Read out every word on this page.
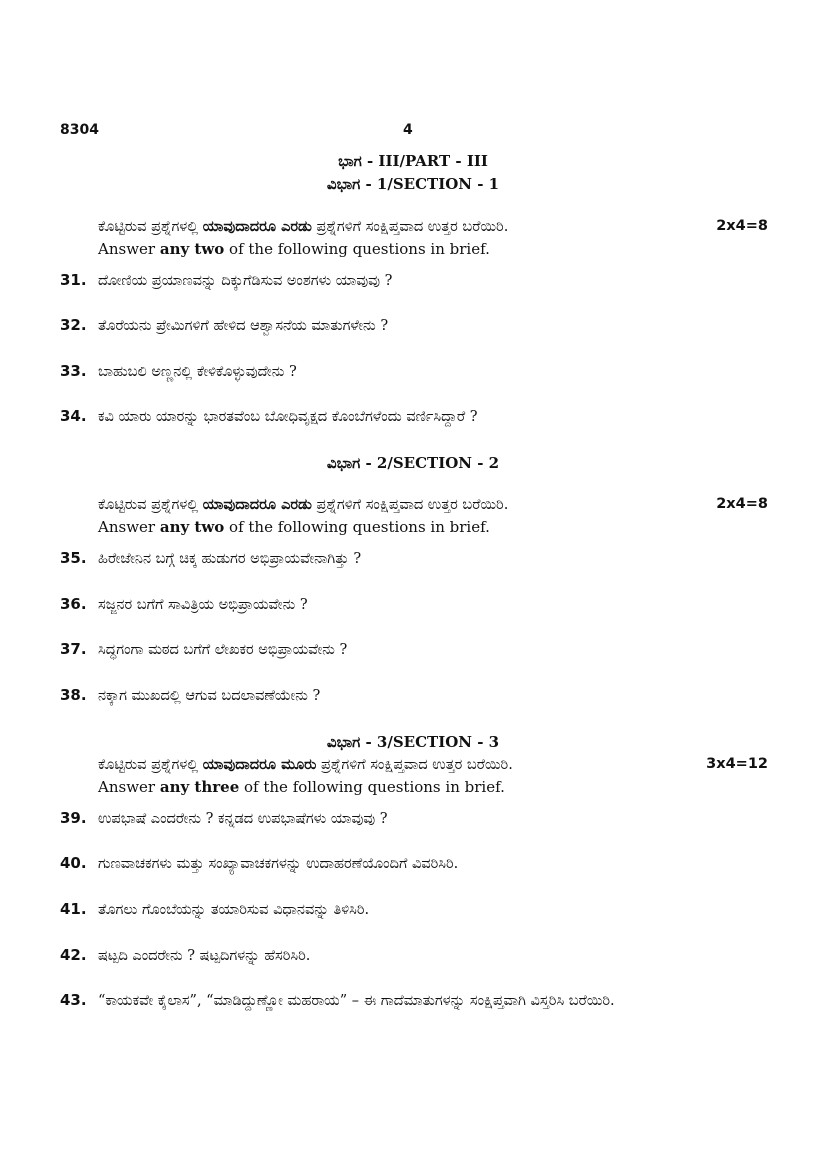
8304	4
ಭಾಗ - III/PART - III
ವಿಭಾಗ - 1/SECTION - 1
ಕೊಟ್ಟಿರುವ ಪ್ರಶ್ನೆಗಳಲ್ಲಿ ಯಾವುದಾದರೂ ಎರಡು ಪ್ರಶ್ನೆಗಳಿಗೆ ಸಂಕ್ಷಿಪ್ತವಾದ ಉತ್ತರ ಬರೆಯಿರಿ.	2x4=8
Answer any two of the following questions in brief.
31. ದೋಣಿಯ ಪ್ರಯಾಣವನ್ನು ದಿಕ್ಕುಗೆಡಿಸುವ ಅಂಶಗಳು ಯಾವುವು ?
32. ತೊರೆಯನು ಪ್ರೇಮಿಗಳಿಗೆ ಹೇಳಿದ ಆಶ್ವಾಸನೆಯ ಮಾತುಗಳೇನು ?
33. ಬಾಹುಬಲಿ ಅಣ್ಣನಲ್ಲಿ ಕೇಳಿಕೊಳ್ಳುವುದೇನು ?
34. ಕವಿ ಯಾರು ಯಾರನ್ನು ಭಾರತವೆಂಬ ಬೋಧಿವೃಕ್ಷದ ಕೊಂಬೆಗಳೆಂದು ವರ್ಣಿಸಿದ್ದಾರೆ ?
ವಿಭಾಗ - 2/SECTION - 2
ಕೊಟ್ಟಿರುವ ಪ್ರಶ್ನೆಗಳಲ್ಲಿ ಯಾವುದಾದರೂ ಎರಡು ಪ್ರಶ್ನೆಗಳಿಗೆ ಸಂಕ್ಷಿಪ್ತವಾದ ಉತ್ತರ ಬರೆಯಿರಿ.	2x4=8
Answer any two of the following questions in brief.
35. ಹಿರೇಜೇನಿನ ಬಗ್ಗೆ ಚಿಕ್ಕ ಹುಡುಗರ ಅಭಿಪ್ರಾಯವೇನಾಗಿತ್ತು ?
36. ಸಜ್ಜನರ ಬಗೆಗೆ ಸಾವಿತ್ರಿಯ ಅಭಿಪ್ರಾಯವೇನು ?
37. ಸಿದ್ಧಗಂಗಾ ಮಠದ ಬಗೆಗೆ ಲೇಖಕರ ಅಭಿಪ್ರಾಯವೇನು ?
38. ನಕ್ಕಾಗ ಮುಖದಲ್ಲಿ ಆಗುವ ಬದಲಾವಣೆಯೇನು ?
ವಿಭಾಗ - 3/SECTION - 3
ಕೊಟ್ಟಿರುವ ಪ್ರಶ್ನೆಗಳಲ್ಲಿ ಯಾವುದಾದರೂ ಮೂರು ಪ್ರಶ್ನೆಗಳಿಗೆ ಸಂಕ್ಷಿಪ್ತವಾದ ಉತ್ತರ ಬರೆಯಿರಿ.	3x4=12
Answer any three of the following questions in brief.
39. ಉಪಭಾಷೆ ಎಂದರೇನು ? ಕನ್ನಡದ ಉಪಭಾಷೆಗಳು ಯಾವುವು ?
40. ಗುಣವಾಚಕಗಳು ಮತ್ತು ಸಂಖ್ಯಾವಾಚಕಗಳನ್ನು ಉದಾಹರಣೆಯೊಂದಿಗೆ ವಿವರಿಸಿರಿ.
41. ತೊಗಲು ಗೊಂಬೆಯನ್ನು ತಯಾರಿಸುವ ವಿಧಾನವನ್ನು ತಿಳಿಸಿರಿ.
42. ಷಟ್ಪದಿ ಎಂದರೇನು ? ಷಟ್ಪದಿಗಳನ್ನು ಹೆಸರಿಸಿರಿ.
43. “ಕಾಯಕವೇ ಕೈಲಾಸ”, “ಮಾಡಿದ್ದುಣ್ಣೋ ಮಹರಾಯ” – ಈ ಗಾದೆಮಾತುಗಳನ್ನು ಸಂಕ್ಷಿಪ್ತವಾಗಿ ವಿಸ್ತರಿಸಿ ಬರೆಯಿರಿ.
